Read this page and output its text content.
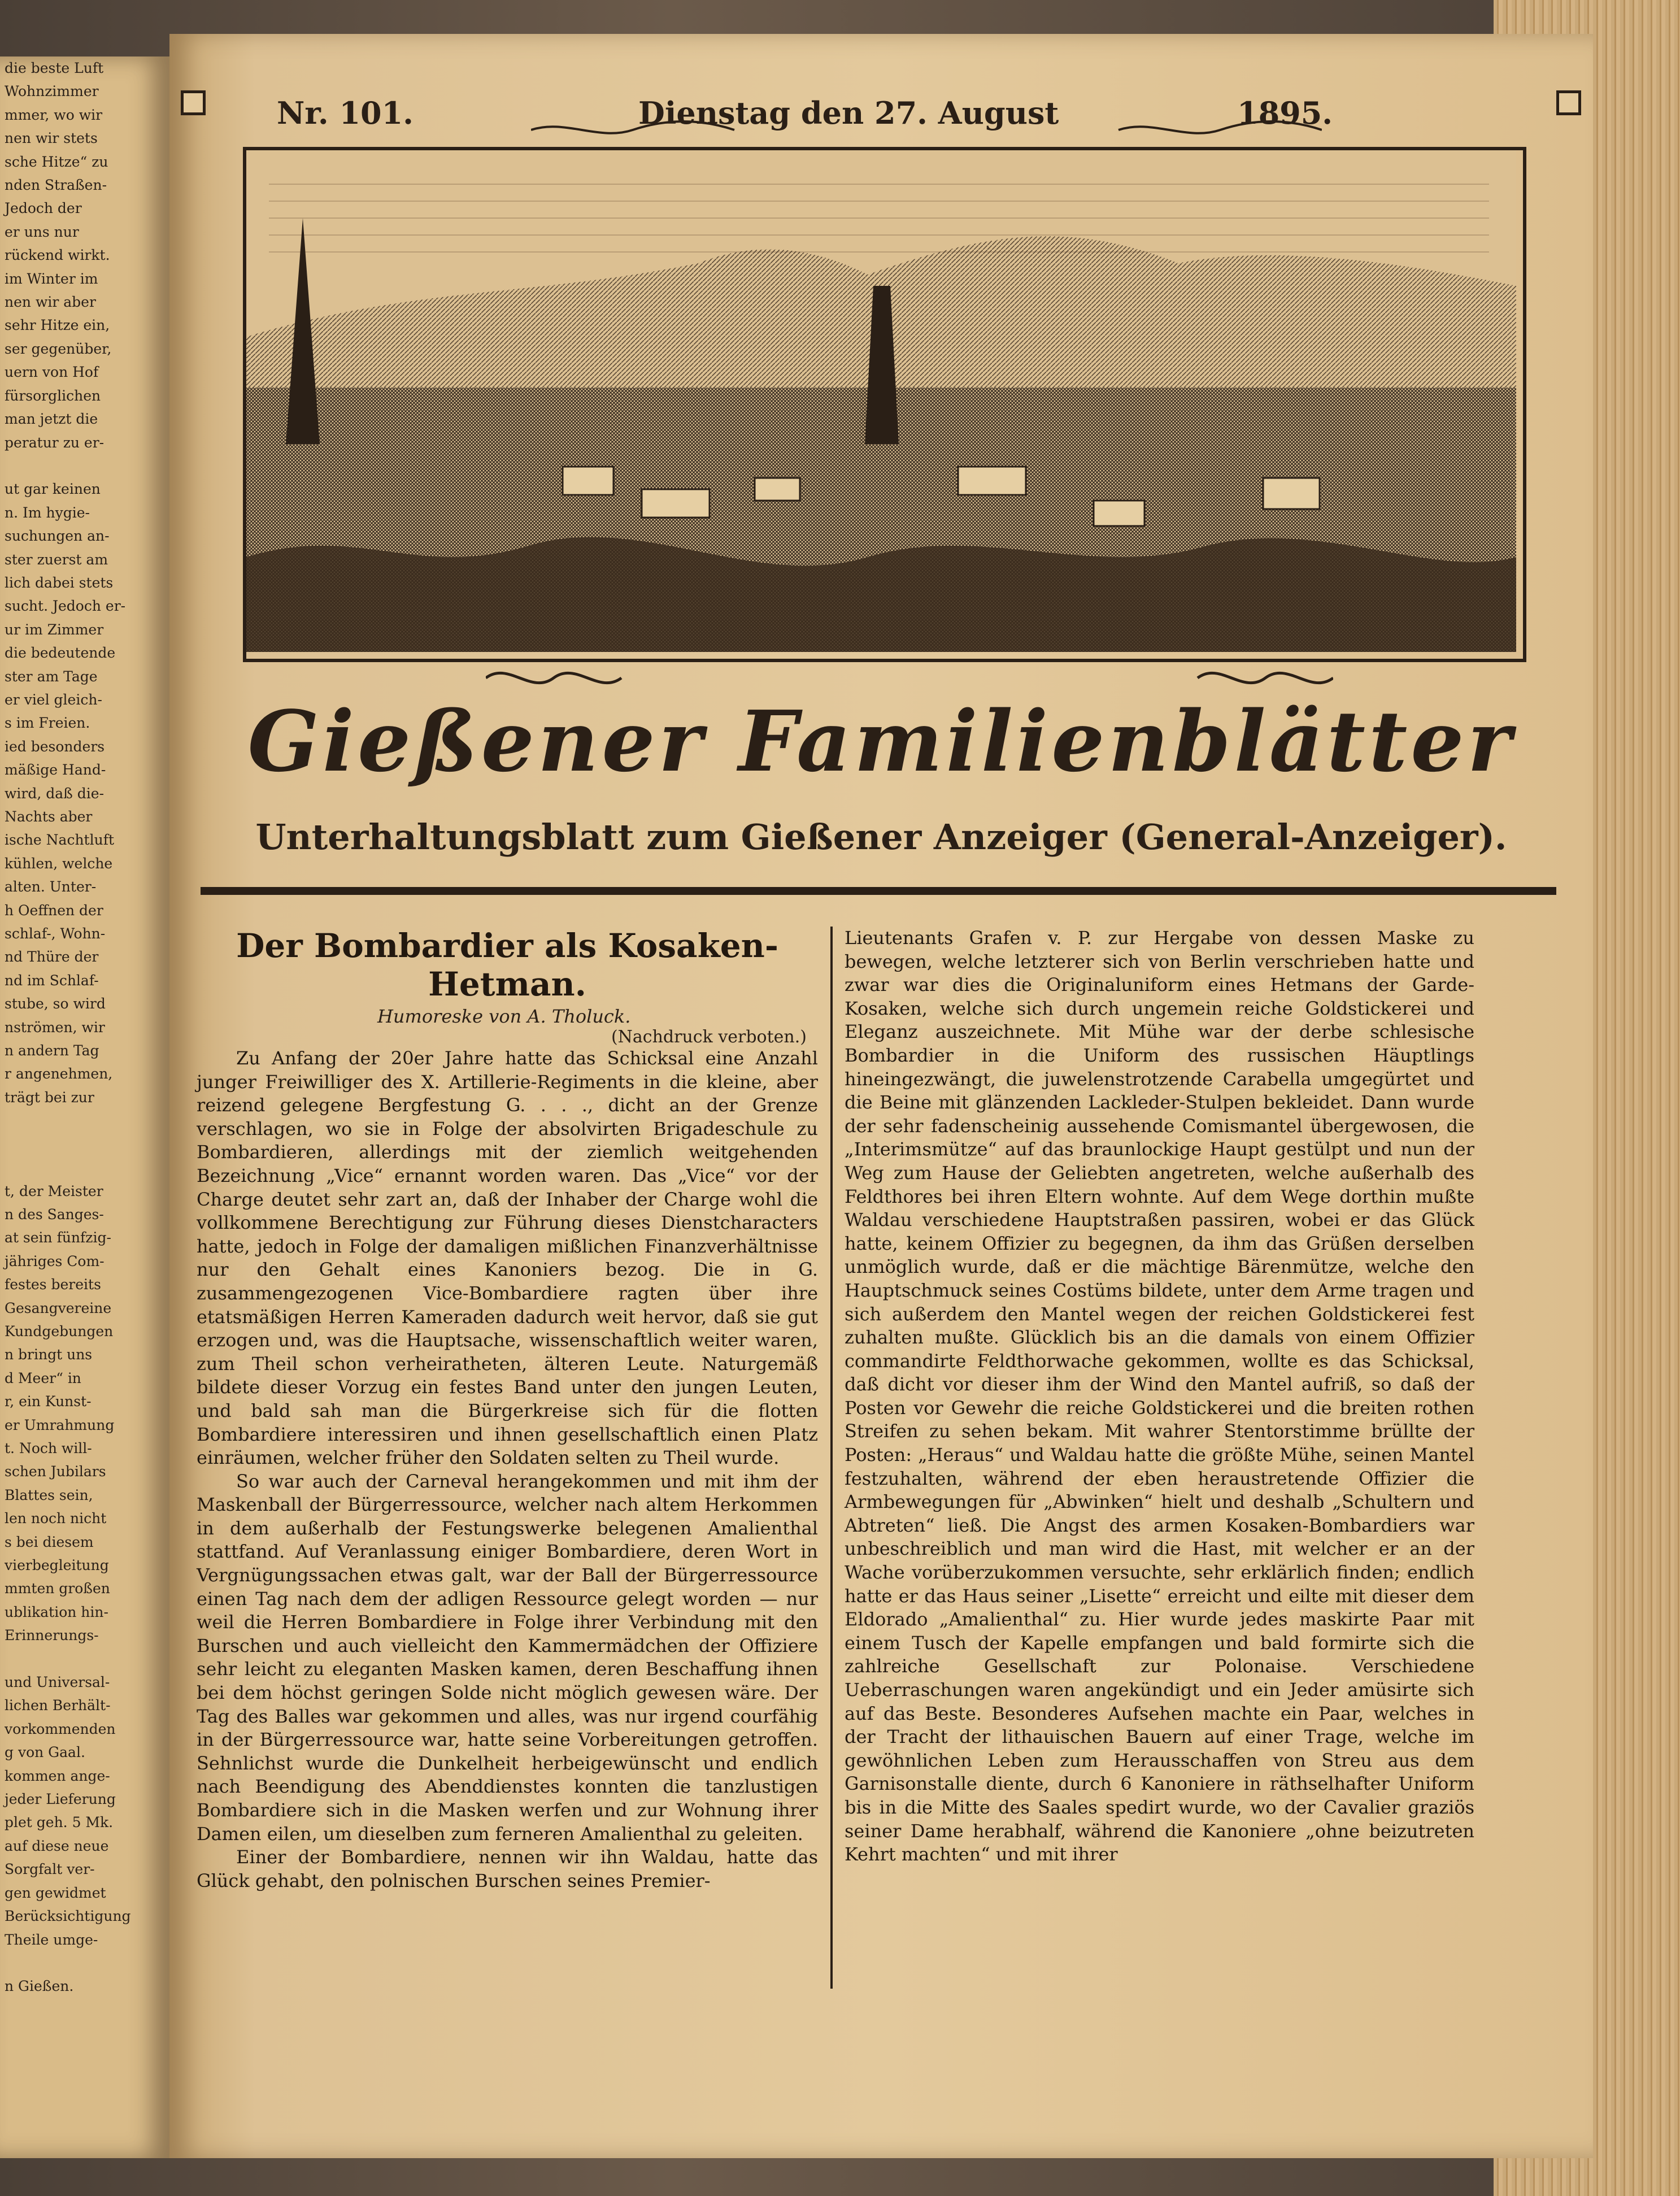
die beste Luft
Wohnzimmer
mmer, wo wir
nen wir stets
sche Hitze“ zu
nden Straßen-
Jedoch der
er uns nur
rückend wirkt.
im Winter im
nen wir aber
sehr Hitze ein,
ser gegenüber,
uern von Hof
fürsorglichen
man jetzt die
peratur zu er-

ut gar keinen
n. Im hygie-
suchungen an-
ster zuerst am
lich dabei stets
sucht. Jedoch er-
ur im Zimmer
die bedeutende
ster am Tage
er viel gleich-
s im Freien.
ied besonders
mäßige Hand-
wird, daß die-
Nachts aber
ische Nachtluft
kühlen, welche
alten. Unter-
h Oeffnen der
schlaf-, Wohn-
nd Thüre der
nd im Schlaf-
stube, so wird
nströmen, wir
n andern Tag
r angenehmen,
trägt bei zur

t, der Meister
n des Sanges-
at sein fünfzig-
jähriges Com-
festes bereits
Gesangvereine
Kundgebungen
n bringt uns
d Meer“ in
r, ein Kunst-
er Umrahmung
t. Noch will-
schen Jubilars
Blattes sein,
len noch nicht
s bei diesem
vierbegleitung
mmten großen
ublikation hin-
Erinnerungs-

und Universal-
lichen Berhält-
vorkommenden
g von Gaal.
kommen ange-
jeder Lieferung
plet geh. 5 Mk.
auf diese neue
Sorgfalt ver-
gen gewidmet
Berücksichtigung
Theile umge-

n Gießen.
Nr. 101.	Dienstag den 27. August	1895.
Gießener Familienblätter
Unterhaltungsblatt zum Gießener Anzeiger (General-Anzeiger).
Der Bombardier als Kosaken-Hetman.
Humoreske von A. Tholuck.
(Nachdruck verboten.)

Zu Anfang der 20er Jahre hatte das Schicksal eine Anzahl junger Freiwilliger des X. Artillerie-Regiments in die kleine, aber reizend gelegene Bergfestung G. . . ., dicht an der Grenze verschlagen, wo sie in Folge der absolvirten Brigadeschule zu Bombardieren, allerdings mit der ziemlich weitgehenden Bezeichnung „Vice“ ernannt worden waren. Das „Vice“ vor der Charge deutet sehr zart an, daß der Inhaber der Charge wohl die vollkommene Berechtigung zur Führung dieses Dienstcharacters hatte, jedoch in Folge der damaligen mißlichen Finanzverhältnisse nur den Gehalt eines Kanoniers bezog. Die in G. zusammengezogenen Vice-Bombardiere ragten über ihre etatsmäßigen Herren Kameraden dadurch weit hervor, daß sie gut erzogen und, was die Hauptsache, wissenschaftlich weiter waren, zum Theil schon verheiratheten, älteren Leute. Naturgemäß bildete dieser Vorzug ein festes Band unter den jungen Leuten, und bald sah man die Bürgerkreise sich für die flotten Bombardiere interessiren und ihnen gesellschaftlich einen Platz einräumen, welcher früher den Soldaten selten zu Theil wurde.

So war auch der Carneval herangekommen und mit ihm der Maskenball der Bürgerressource, welcher nach altem Herkommen in dem außerhalb der Festungswerke belegenen Amalienthal stattfand. Auf Veranlassung einiger Bombardiere, deren Wort in Vergnügungssachen etwas galt, war der Ball der Bürgerressource einen Tag nach dem der adligen Ressource gelegt worden — nur weil die Herren Bombardiere in Folge ihrer Verbindung mit den Burschen und auch vielleicht den Kammermädchen der Offiziere sehr leicht zu eleganten Masken kamen, deren Beschaffung ihnen bei dem höchst geringen Solde nicht möglich gewesen wäre. Der Tag des Balles war gekommen und alles, was nur irgend courfähig in der Bürgerressource war, hatte seine Vorbereitungen getroffen. Sehnlichst wurde die Dunkelheit herbeigewünscht und endlich nach Beendigung des Abenddienstes konnten die tanzlustigen Bombardiere sich in die Masken werfen und zur Wohnung ihrer Damen eilen, um dieselben zum ferneren Amalienthal zu geleiten.

Einer der Bombardiere, nennen wir ihn Waldau, hatte das Glück gehabt, den polnischen Burschen seines Premier-

Lieutenants Grafen v. P. zur Hergabe von dessen Maske zu bewegen, welche letzterer sich von Berlin verschrieben hatte und zwar war dies die Originaluniform eines Hetmans der Garde-Kosaken, welche sich durch ungemein reiche Goldstickerei und Eleganz auszeichnete. Mit Mühe war der derbe schlesische Bombardier in die Uniform des russischen Häuptlings hineingezwängt, die juwelenstrotzende Carabella umgegürtet und die Beine mit glänzenden Lackleder-Stulpen bekleidet. Dann wurde der sehr fadenscheinig aussehende Comismantel übergewosen, die „Interimsmütze“ auf das braunlockige Haupt gestülpt und nun der Weg zum Hause der Geliebten angetreten, welche außerhalb des Feldthores bei ihren Eltern wohnte. Auf dem Wege dorthin mußte Waldau verschiedene Hauptstraßen passiren, wobei er das Glück hatte, keinem Offizier zu begegnen, da ihm das Grüßen derselben unmöglich wurde, daß er die mächtige Bärenmütze, welche den Hauptschmuck seines Costüms bildete, unter dem Arme tragen und sich außerdem den Mantel wegen der reichen Goldstickerei fest zuhalten mußte. Glücklich bis an die damals von einem Offizier commandirte Feldthorwache gekommen, wollte es das Schicksal, daß dicht vor dieser ihm der Wind den Mantel aufriß, so daß der Posten vor Gewehr die reiche Goldstickerei und die breiten rothen Streifen zu sehen bekam. Mit wahrer Stentorstimme brüllte der Posten: „Heraus“ und Waldau hatte die größte Mühe, seinen Mantel festzuhalten, während der eben heraustretende Offizier die Armbewegungen für „Abwinken“ hielt und deshalb „Schultern und Abtreten“ ließ. Die Angst des armen Kosaken-Bombardiers war unbeschreiblich und man wird die Hast, mit welcher er an der Wache vorüberzukommen versuchte, sehr erklärlich finden; endlich hatte er das Haus seiner „Lisette“ erreicht und eilte mit dieser dem Eldorado „Amalienthal“ zu. Hier wurde jedes maskirte Paar mit einem Tusch der Kapelle empfangen und bald formirte sich die zahlreiche Gesellschaft zur Polonaise. Verschiedene Ueberraschungen waren angekündigt und ein Jeder amüsirte sich auf das Beste. Besonderes Aufsehen machte ein Paar, welches in der Tracht der lithauischen Bauern auf einer Trage, welche im gewöhnlichen Leben zum Herausschaffen von Streu aus dem Garnisonstalle diente, durch 6 Kanoniere in räthselhafter Uniform bis in die Mitte des Saales spedirt wurde, wo der Cavalier graziös seiner Dame herabhalf, während die Kanoniere „ohne beizutreten Kehrt machten“ und mit ihrer
